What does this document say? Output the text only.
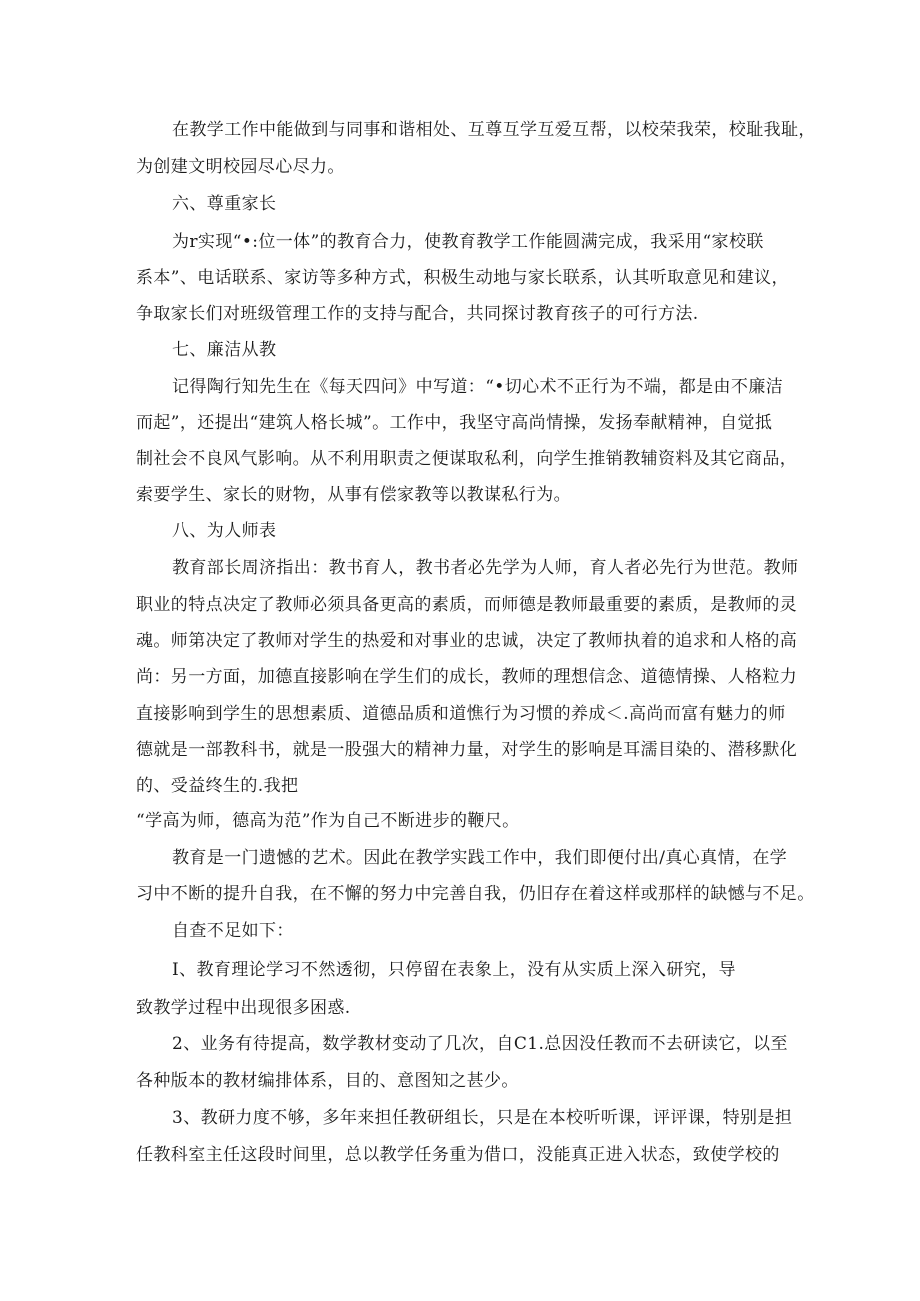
在教学工作中能做到与同事和谐相处、互尊互学互爱互帮，以校荣我荣，校耻我耻，
为创建文明校园尽心尽力。
六、尊重家长
为r实现“•:位一体”的教育合力，使教育教学工作能圆满完成，我采用“家校联
系本”、电话联系、家访等多种方式，积极生动地与家长联系，认其听取意见和建议，
争取家长们对班级管理工作的支持与配合，共同探讨教育孩子的可行方法.
七、廉洁从教
记得陶行知先生在《每天四问》中写道：“•切心术不正行为不端，都是由不廉洁
而起”，还提出“建筑人格长城”。工作中，我坚守高尚情操，发扬奉献精神，自觉抵
制社会不良风气影响。从不利用职责之便谋取私利，向学生推销教辅资料及其它商品，
索要学生、家长的财物，从事有偿家教等以教谋私行为。
八、为人师表
教育部长周济指出：教书育人，教书者必先学为人师，育人者必先行为世范。教师
职业的特点决定了教师必须具备更高的素质，而师德是教师最重要的素质，是教师的灵
魂。师第决定了教师对学生的热爱和对事业的忠诚，决定了教师执着的追求和人格的高
尚：另一方面，加德直接影响在学生们的成长，教师的理想信念、道德情操、人格粒力
直接影响到学生的思想素质、道德品质和道憔行为习惯的养成＜.高尚而富有魅力的师
德就是一部教科书，就是一股强大的精神力量，对学生的影响是耳濡目染的、潜移默化
的、受益终生的.我把
“学高为师，德高为范”作为自己不断进步的鞭尺。
教育是一门遗憾的艺术。因此在教学实践工作中，我们即便付出/真心真情，在学
习中不断的提升自我，在不懈的努力中完善自我，仍旧存在着这样或那样的缺憾与不足。
自查不足如下：
I、教育理论学习不然透彻，只停留在表象上，没有从实质上深入研究，导
致教学过程中出现很多困惑.
2、业务有待提高，数学教材变动了几次，自C1.总因没任教而不去研读它，以至
各种版本的教材编排体系，目的、意图知之甚少。
3、教研力度不够，多年来担任教研组长，只是在本校听听课，评评课，特别是担
任教科室主任这段时间里，总以教学任务重为借口，没能真正进入状态，致使学校的
